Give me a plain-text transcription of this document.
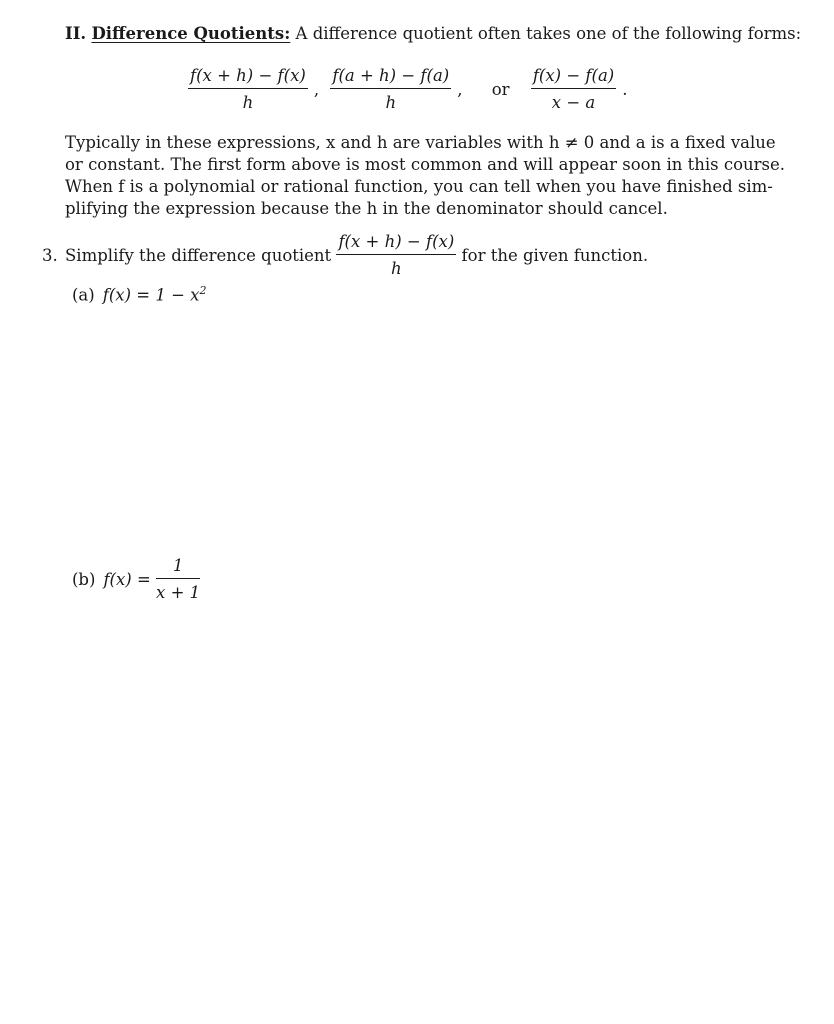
II. Difference Quotients: A difference quotient often takes one of the following forms:
$\frac{f(x + h) - f(x)}{h}$ , $\frac{f(a + h) - f(a)}{h}$ , or $\frac{f(x) - f(a)}{x - a}$ .
Typically in these expressions, x and h are variables with h ≠ 0 and a is a fixed value
or constant. The first form above is most common and will appear soon in this course.
When f is a polynomial or rational function, you can tell when you have finished sim-
plifying the expression because the h in the denominator should cancel.
3. Simplify the difference quotient $\frac{f(x + h) - f(x)}{h}$ for the given function.
(a) $f(x) = 1 - x^2$
(b) $f(x) = \frac{1}{x + 1}$
